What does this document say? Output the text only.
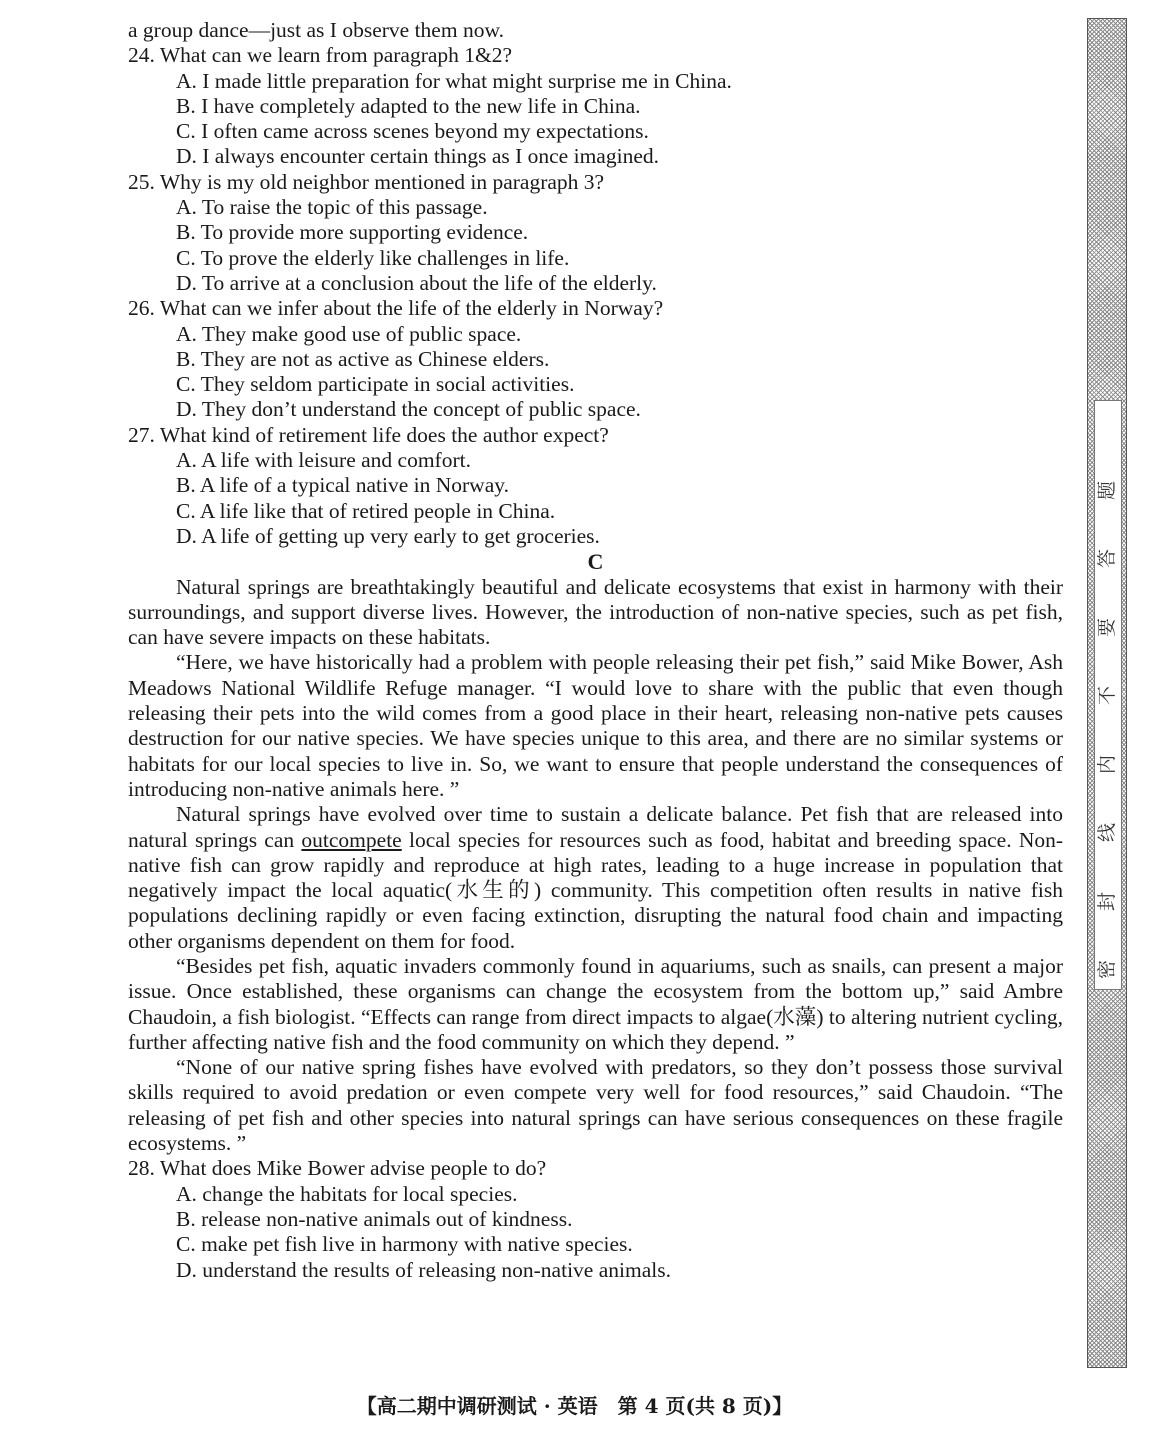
a group dance—just as I observe them now.
24. What can we learn from paragraph 1&2?
A. I made little preparation for what might surprise me in China.
B. I have completely adapted to the new life in China.
C. I often came across scenes beyond my expectations.
D. I always encounter certain things as I once imagined.
25. Why is my old neighbor mentioned in paragraph 3?
A. To raise the topic of this passage.
B. To provide more supporting evidence.
C. To prove the elderly like challenges in life.
D. To arrive at a conclusion about the life of the elderly.
26. What can we infer about the life of the elderly in Norway?
A. They make good use of public space.
B. They are not as active as Chinese elders.
C. They seldom participate in social activities.
D. They don’t understand the concept of public space.
27. What kind of retirement life does the author expect?
A. A life with leisure and comfort.
B. A life of a typical native in Norway.
C. A life like that of retired people in China.
D. A life of getting up very early to get groceries.
C
Natural springs are breathtakingly beautiful and delicate ecosystems that exist in harmony with their surroundings, and support diverse lives. However, the introduction of non-native species, such as pet fish, can have severe impacts on these habitats.
“Here, we have historically had a problem with people releasing their pet fish,” said Mike Bower, Ash Meadows National Wildlife Refuge manager. “I would love to share with the public that even though releasing their pets into the wild comes from a good place in their heart, releasing non-native pets causes destruction for our native species. We have species unique to this area, and there are no similar systems or habitats for our local species to live in. So, we want to ensure that people understand the consequences of introducing non-native animals here. ”
Natural springs have evolved over time to sustain a delicate balance. Pet fish that are released into natural springs can outcompete local species for resources such as food, habitat and breeding space. Non-native fish can grow rapidly and reproduce at high rates, leading to a huge increase in population that negatively impact the local aquatic(水生的) community. This competition often results in native fish populations declining rapidly or even facing extinction, disrupting the natural food chain and impacting other organisms dependent on them for food.
“Besides pet fish, aquatic invaders commonly found in aquariums, such as snails, can present a major issue. Once established, these organisms can change the ecosystem from the bottom up,” said Ambre Chaudoin, a fish biologist. “Effects can range from direct impacts to algae(水藻) to altering nutrient cycling, further affecting native fish and the food community on which they depend. ”
“None of our native spring fishes have evolved with predators, so they don’t possess those survival skills required to avoid predation or even compete very well for food resources,” said Chaudoin. “The releasing of pet fish and other species into natural springs can have serious consequences on these fragile ecosystems. ”
28. What does Mike Bower advise people to do?
A. change the habitats for local species.
B. release non-native animals out of kindness.
C. make pet fish live in harmony with native species.
D. understand the results of releasing non-native animals.
题
答
要
不
内
线
封
密
【高二期中调研测试 · 英语　第 4 页(共 8 页)】
